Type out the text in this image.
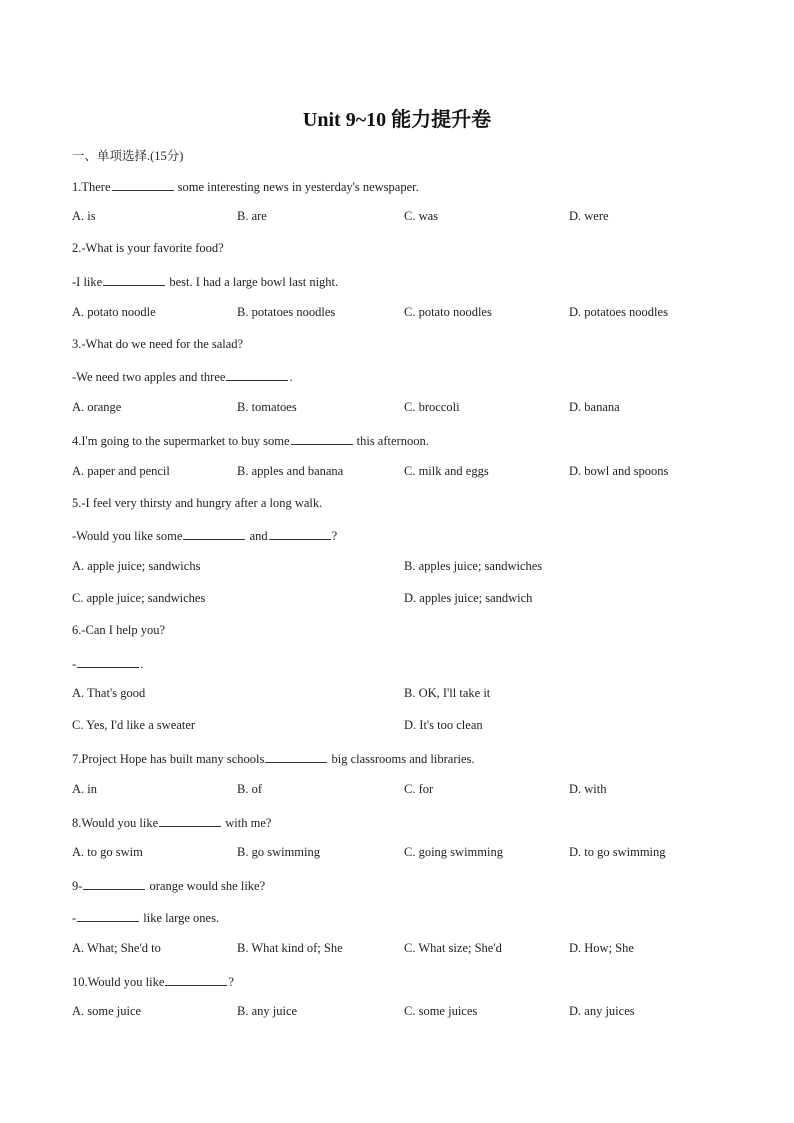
Unit 9~10 能力提升卷
一、单项选择.(15分)
1.There	some interesting news in yesterday's newspaper.
A. is	B. are	C. was	D. were
2.-What is your favorite food?
-I like	best. I had a large bowl last night.
A. potato noodle	B. potatoes noodles	C. potato noodles	D. potatoes noodles
3.-What do we need for the salad?
-We need two apples and three	.
A. orange	B. tomatoes	C. broccoli	D. banana
4.I'm going to the supermarket to buy some	this afternoon.
A. paper and pencil	B. apples and banana	C. milk and eggs	D. bowl and spoons
5.-I feel very thirsty and hungry after a long walk.
-Would you like some	and	?
A. apple juice; sandwichs	B. apples juice; sandwiches
C. apple juice; sandwiches	D. apples juice; sandwich
6.-Can I help you?
-	.
A. That's good	B. OK, I'll take it
C. Yes, I'd like a sweater	D. It's too clean
7.Project Hope has built many schools	big classrooms and libraries.
A. in	B. of	C. for	D. with
8.Would you like	with me?
A. to go swim	B. go swimming	C. going swimming	D. to go swimming
9-	orange would she like?
-	like large ones.
A. What; She'd to	B. What kind of; She	C. What size; She'd	D. How; She
10.Would you like	?
A. some juice	B. any juice	C. some juices	D. any juices
